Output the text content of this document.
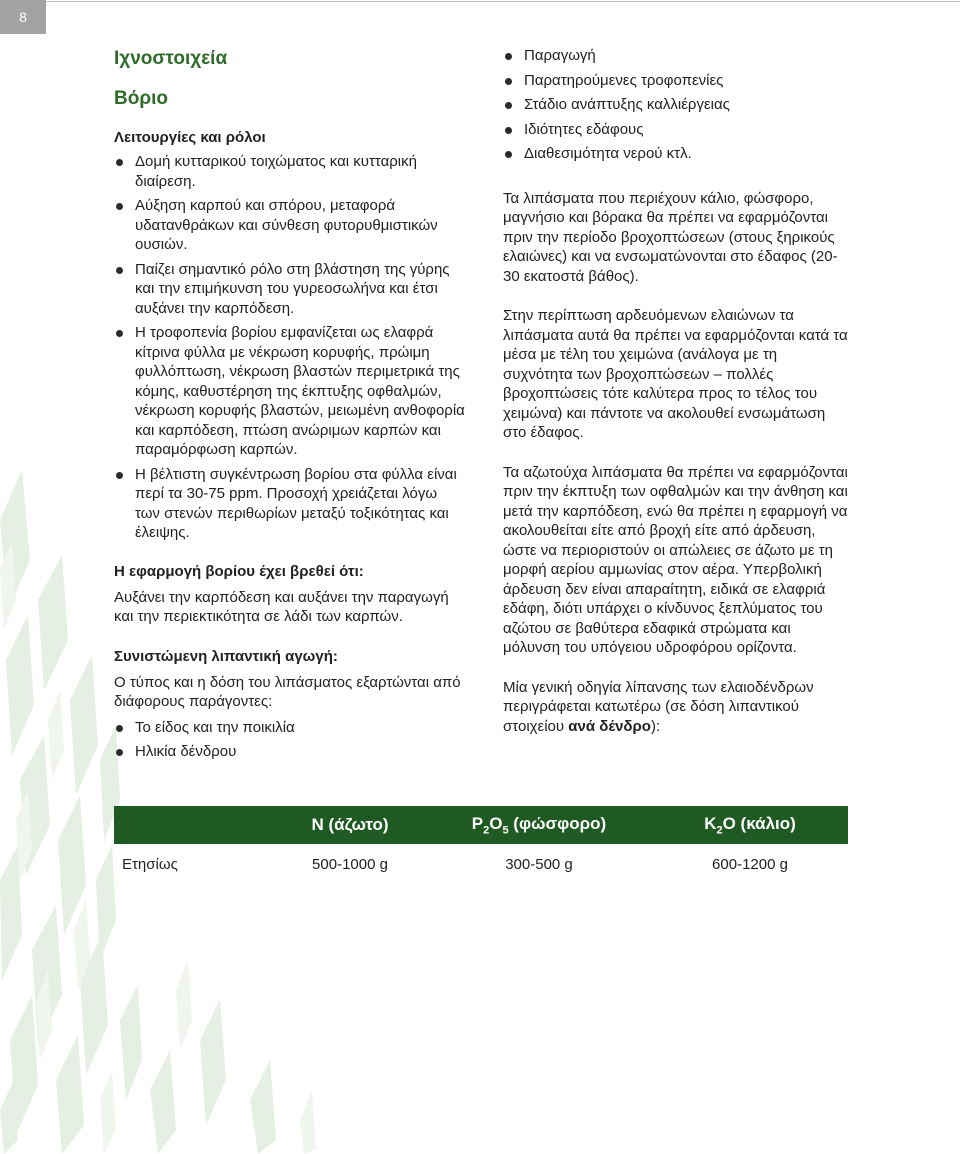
8
Ιχνοστοιχεία
Βόριο
Λειτουργίες και ρόλοι
Δομή κυτταρικού τοιχώματος και κυτταρική διαίρεση.
Αύξηση καρπού και σπόρου, μεταφορά υδατανθράκων και σύνθεση φυτορυθμιστικών ουσιών.
Παίζει σημαντικό ρόλο στη βλάστηση της γύρης και την επιμήκυνση του γυρεοσωλήνα και έτσι αυξάνει την καρπόδεση.
Η τροφοπενία βορίου εμφανίζεται ως ελαφρά κίτρινα φύλλα με νέκρωση κορυφής, πρώιμη φυλλόπτωση, νέκρωση βλαστών περιμετρικά της κόμης, καθυστέρηση της έκπτυξης οφθαλμών, νέκρωση κορυφής βλαστών, μειωμένη ανθοφορία και καρπόδεση, πτώση ανώριμων καρπών και παραμόρφωση καρπών.
Η βέλτιστη συγκέντρωση βορίου στα φύλλα είναι περί τα 30-75 ppm. Προσοχή χρειάζεται λόγω των στενών περιθωρίων μεταξύ τοξικότητας και έλειψης.
Η εφαρμογή βορίου έχει βρεθεί ότι:

Αυξάνει την καρπόδεση και αυξάνει την παραγωγή και την περιεκτικότητα σε λάδι των καρπών.

Συνιστώμενη λιπαντική αγωγή:

Ο τύπος και η δόση του λιπάσματος εξαρτώνται από διάφορους παράγοντες:

Το είδος και την ποικιλία
Ηλικία δένδρου
Παραγωγή
Παρατηρούμενες τροφοπενίες
Στάδιο ανάπτυξης καλλιέργειας
Ιδιότητες εδάφους
Διαθεσιμότητα νερού κτλ.

Τα λιπάσματα που περιέχουν κάλιο, φώσφορο, μαγνήσιο και βόρακα θα πρέπει να εφαρμόζονται πριν την περίοδο βροχοπτώσεων (στους ξηρικούς ελαιώνες) και να ενσωματώνονται στο έδαφος (20-30 εκατοστά βάθος).

Στην περίπτωση αρδευόμενων ελαιώνων τα λιπάσματα αυτά θα πρέπει να εφαρμόζονται κατά τα μέσα με τέλη του χειμώνα (ανάλογα με τη συχνότητα των βροχοπτώσεων – πολλές βροχοπτώσεις τότε καλύτερα προς το τέλος του χειμώνα) και πάντοτε να ακολουθεί ενσωμάτωση στο έδαφος.

Τα αζωτούχα λιπάσματα θα πρέπει να εφαρμόζονται πριν την έκπτυξη των οφθαλμών και την άνθηση και μετά την καρπόδεση, ενώ θα πρέπει η εφαρμογή να ακολουθείται είτε από βροχή είτε από άρδευση, ώστε να περιοριστούν οι απώλειες σε άζωτο με τη μορφή αερίου αμμωνίας στον αέρα. Υπερβολική άρδευση δεν είναι απαραίτητη, ειδικά σε ελαφριά εδάφη, διότι υπάρχει ο κίνδυνος ξεπλύματος του αζώτου σε βαθύτερα εδαφικά στρώματα και μόλυνση του υπόγειου υδροφόρου ορίζοντα.

Μία γενική οδηγία λίπανσης των ελαιοδένδρων περιγράφεται κατωτέρω (σε δόση λιπαντικού στοιχείου ανά δένδρο):

	N (άζωτο)	$P_2O_5$ (φώσφορο)	$K_2O$ (κάλιο)
Ετησίως	500-1000 g	300-500 g	600-1200 g
